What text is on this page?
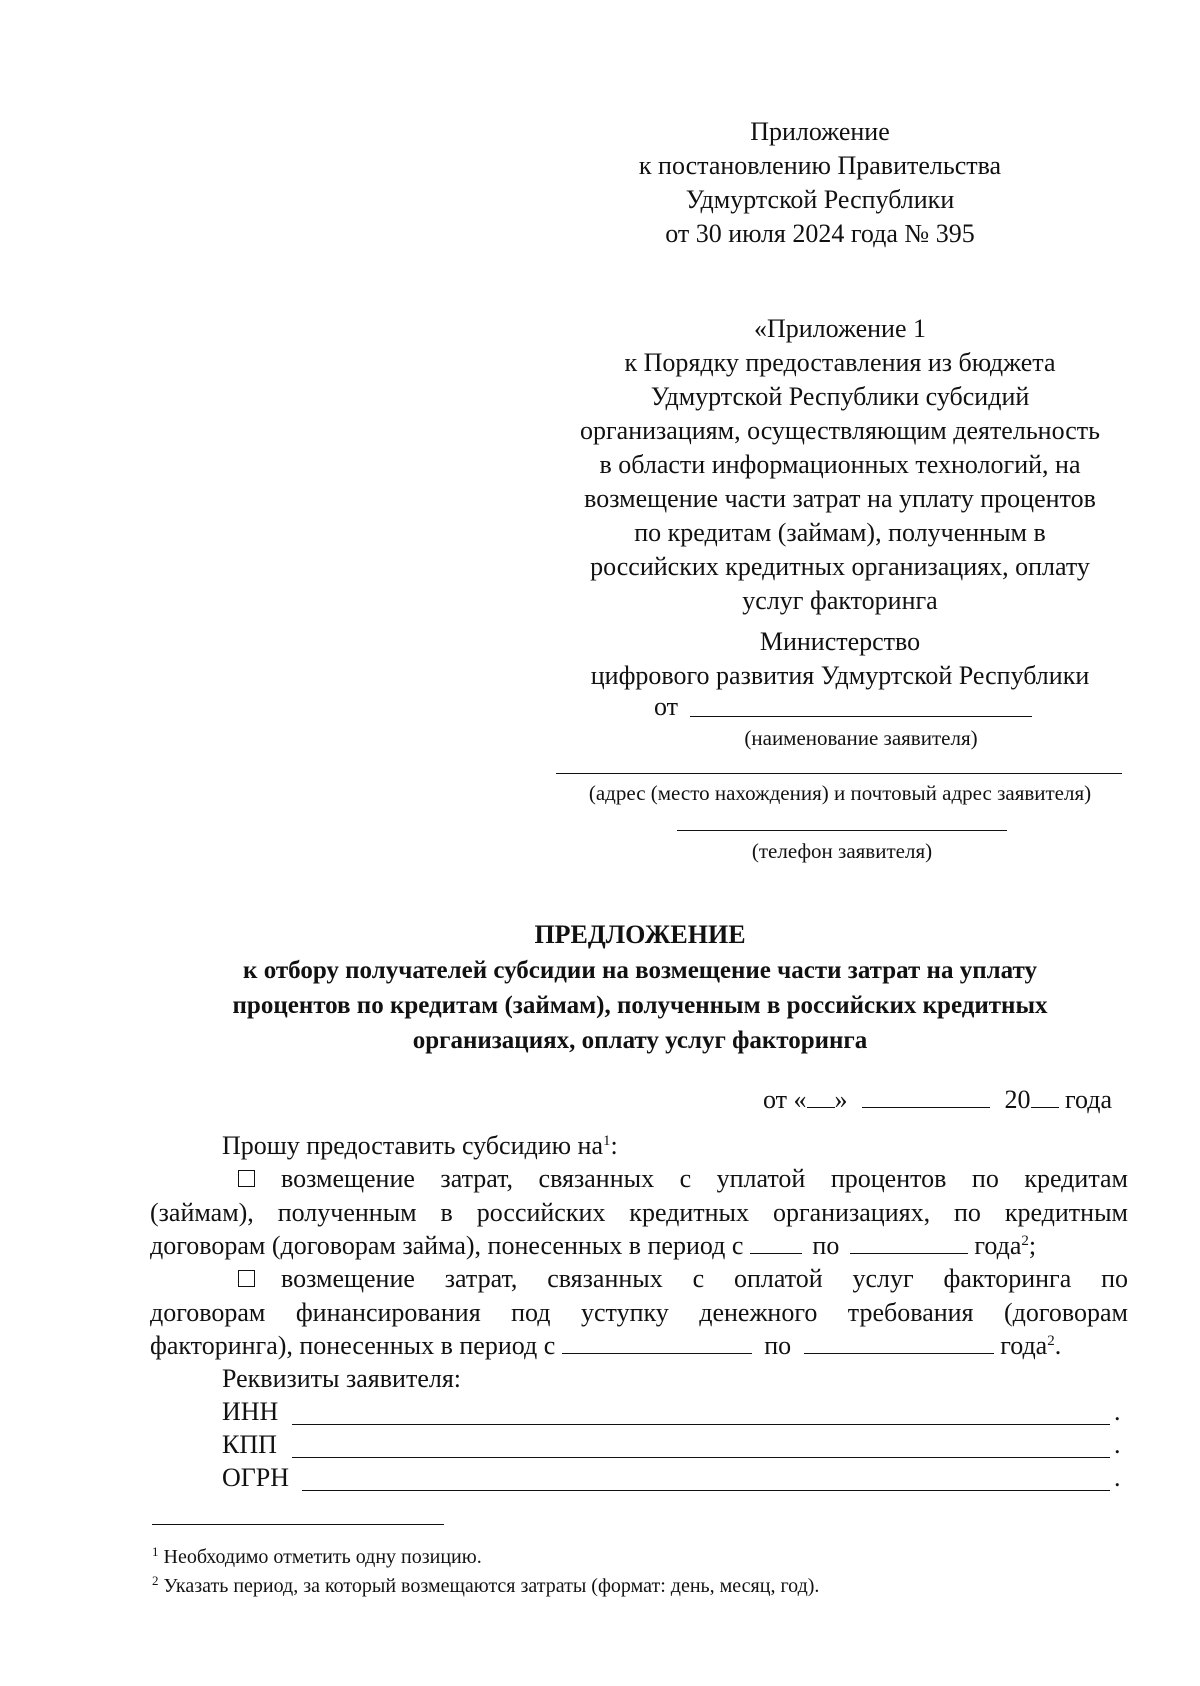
Приложение
к постановлению Правительства
Удмуртской Республики
от 30 июля 2024 года № 395
«Приложение 1
к Порядку предоставления из бюджета
Удмуртской Республики субсидий
организациям, осуществляющим деятельность
в области информационных технологий, на
возмещение части затрат на уплату процентов
по кредитам (займам), полученным в
российских кредитных организациях, оплату
услуг факторинга
Министерство
цифрового развития Удмуртской Республики
от
(наименование заявителя)
(адрес (место нахождения) и почтовый адрес заявителя)
(телефон заявителя)
ПРЕДЛОЖЕНИЕ
к отбору получателей субсидии на возмещение части затрат на уплату
процентов по кредитам (займам), полученным в российских кредитных
организациях, оплату услуг факторинга
от « »	20 года
Прошу предоставить субсидию $на^1$:
возмещение затрат, связанных с уплатой процентов по кредитам
(займам), полученным в российских кредитных организациях, по кредитным
договорам (договорам займа), понесенных в период с	по	года$^2$;
возмещение затрат, связанных с оплатой услуг факторинга по
договорам финансирования под уступку денежного требования (договорам
факторинга), понесенных в период с	по	года$^2$.
Реквизиты заявителя:
ИНН	.
КПП	.
ОГРН	.
$^1$ Необходимо отметить одну позицию.
$^2$ Указать период, за который возмещаются затраты (формат: день, месяц, год).
